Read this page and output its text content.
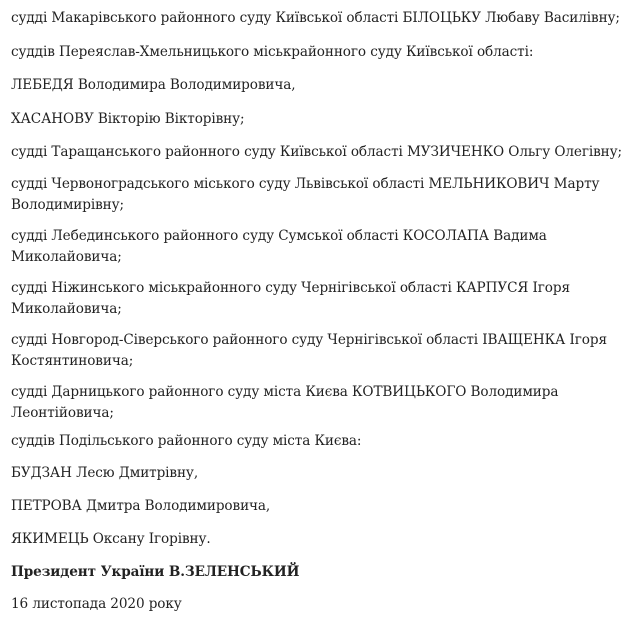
судді Макарівського районного суду Київської області БІЛОЦЬКУ Любаву Василівну;

суддів Переяслав-Хмельницького міськрайонного суду Київської області:

ЛЕБЕДЯ Володимира Володимировича,

ХАСАНОВУ Вікторію Вікторівну;

судді Таращанського районного суду Київської області МУЗИЧЕНКО Ольгу Олегівну;

судді Червоноградського міського суду Львівської області МЕЛЬНИКОВИЧ Марту Володимирівну;

судді Лебединського районного суду Сумської області КОСОЛАПА Вадима Миколайовича;

судді Ніжинського міськрайонного суду Чернігівської області КАРПУСЯ Ігоря Миколайовича;

судді Новгород-Сіверського районного суду Чернігівської області ІВАЩЕНКА Ігоря Костянтиновича;

судді Дарницького районного суду міста Києва КОТВИЦЬКОГО Володимира Леонтійовича;

суддів Подільського районного суду міста Києва:

БУДЗАН Лесю Дмитрівну,

ПЕТРОВА Дмитра Володимировича,

ЯКИМЕЦЬ Оксану Ігорівну.

Президент України В.ЗЕЛЕНСЬКИЙ

16 листопада 2020 року
